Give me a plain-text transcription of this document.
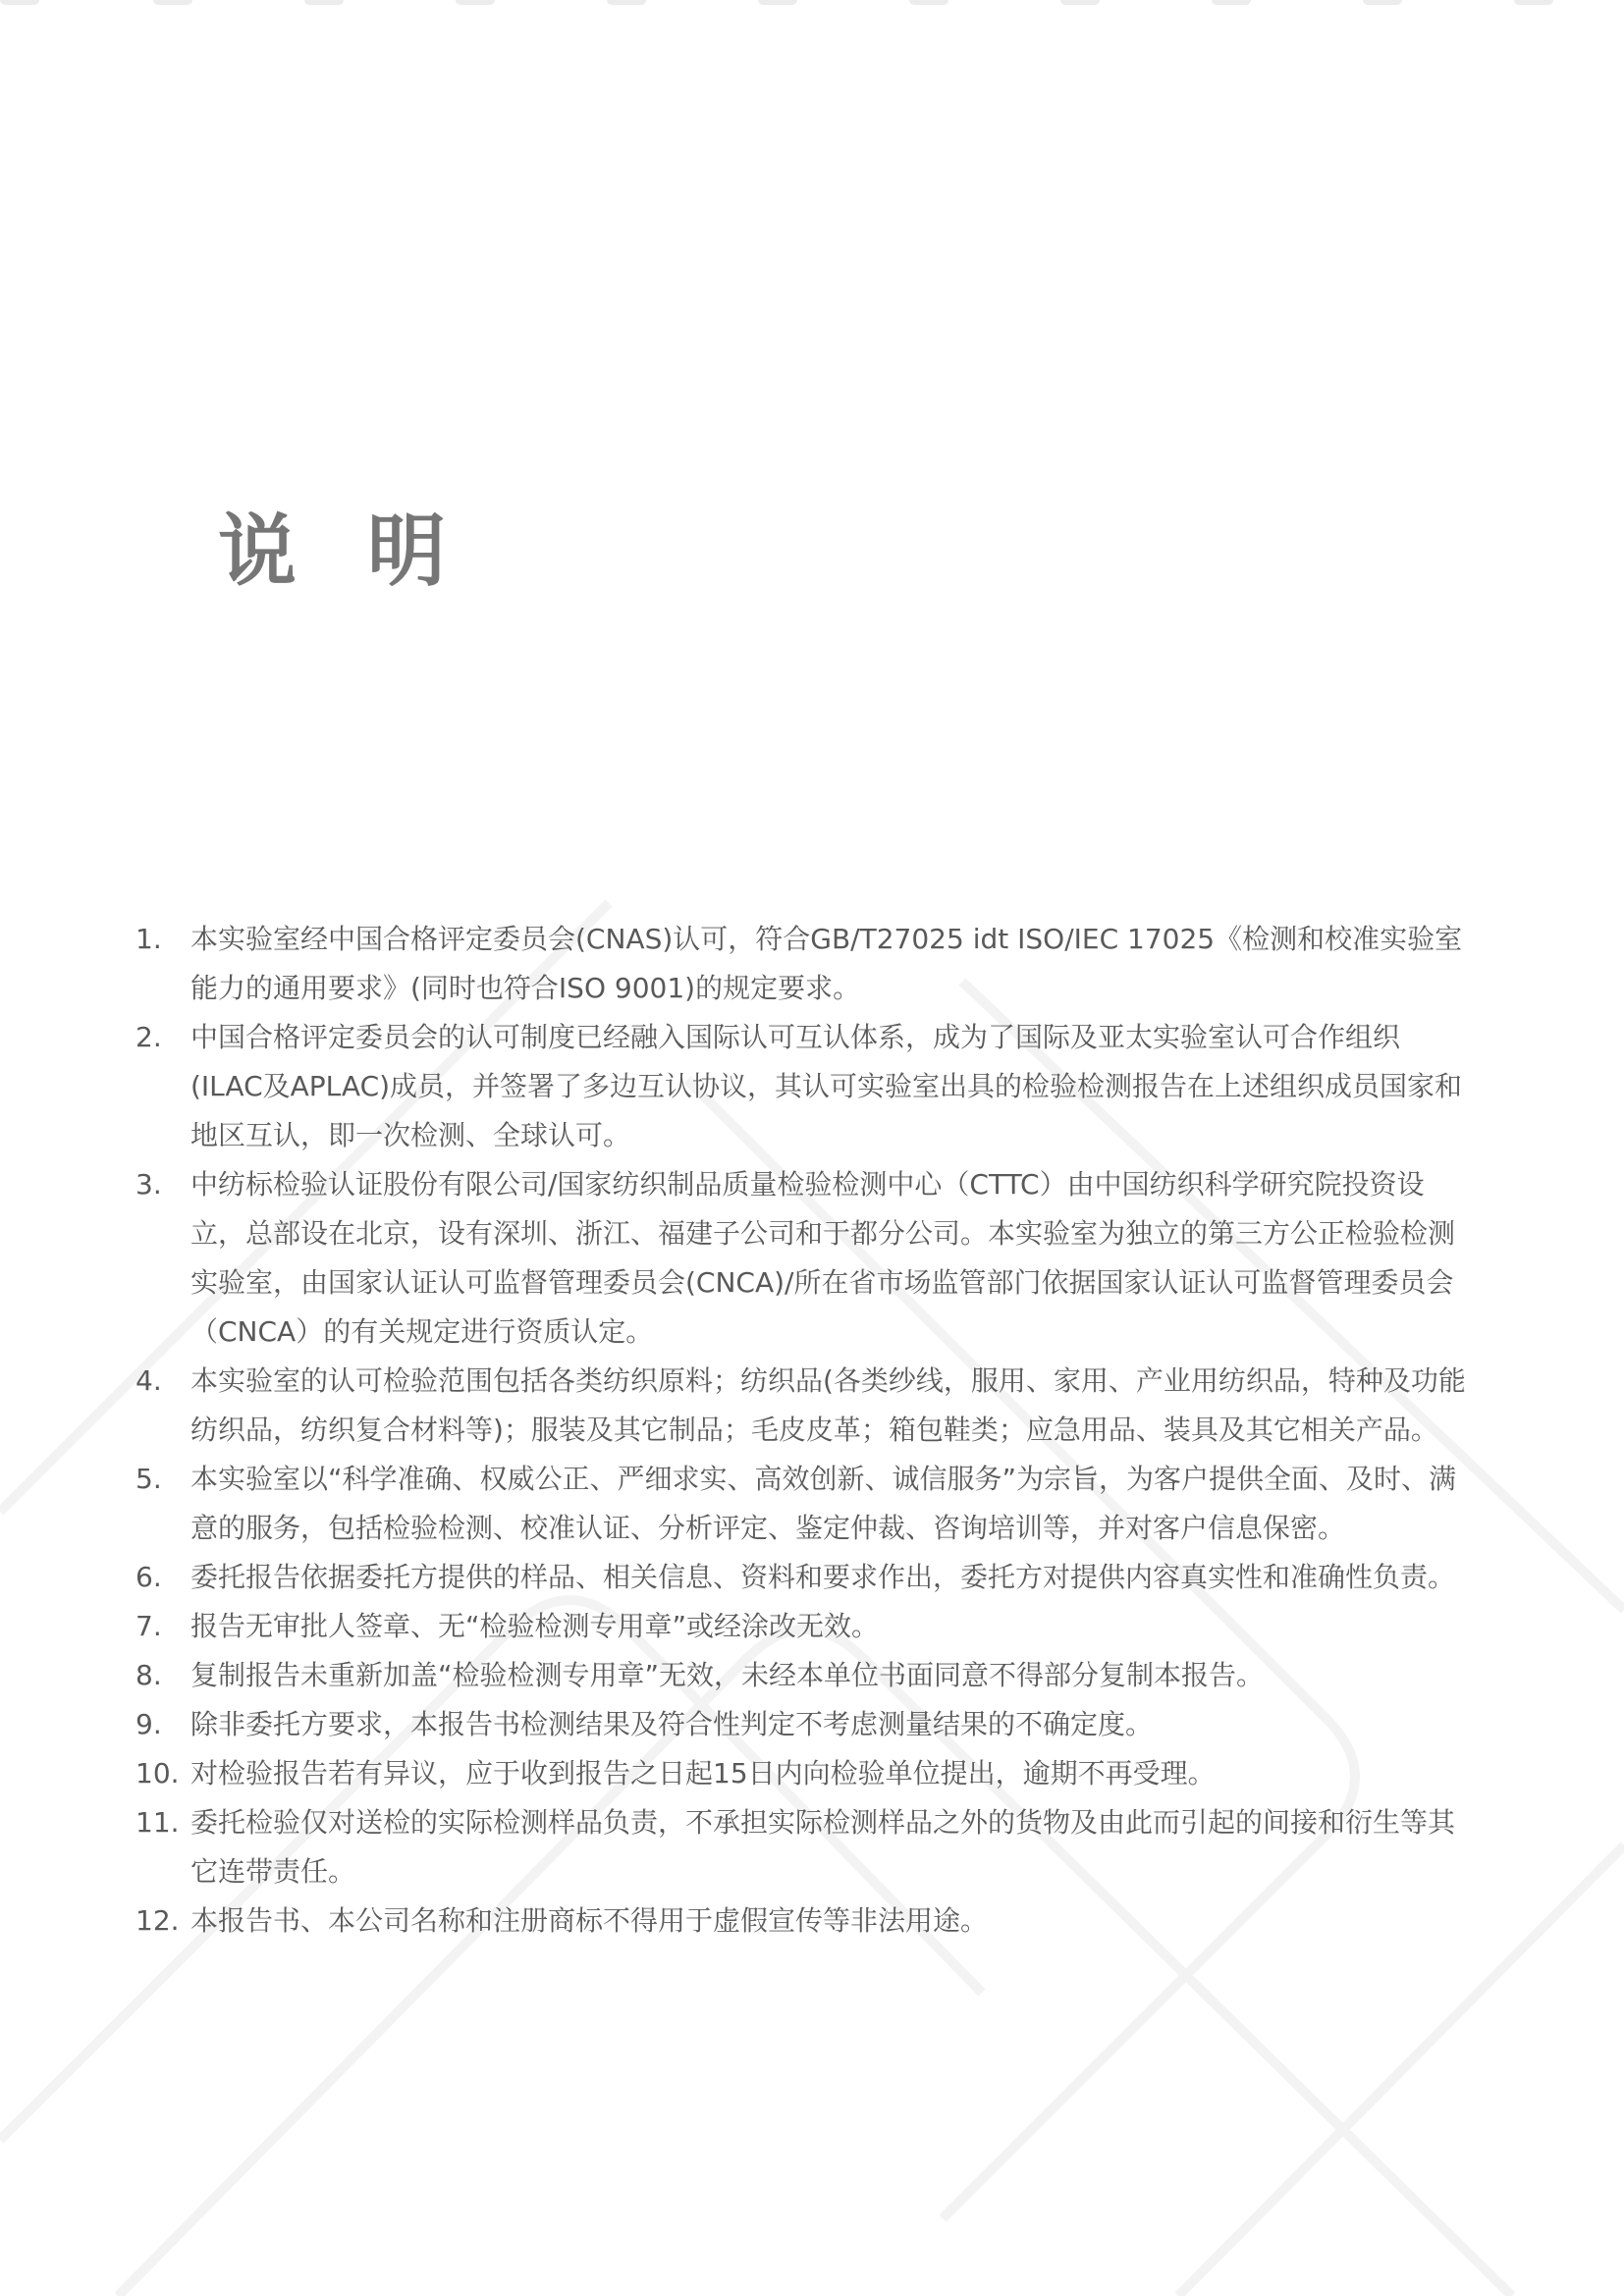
说明
1. 本实验室经中国合格评定委员会(CNAS)认可，符合GB/T27025 idt ISO/IEC 17025《检测和校准实验室能力的通用要求》(同时也符合ISO 9001)的规定要求。
2. 中国合格评定委员会的认可制度已经融入国际认可互认体系，成为了国际及亚太实验室认可合作组织(ILAC及APLAC)成员，并签署了多边互认协议，其认可实验室出具的检验检测报告在上述组织成员国家和地区互认，即一次检测、全球认可。
3. 中纺标检验认证股份有限公司/国家纺织制品质量检验检测中心（CTTC）由中国纺织科学研究院投资设立，总部设在北京，设有深圳、浙江、福建子公司和于都分公司。本实验室为独立的第三方公正检验检测实验室，由国家认证认可监督管理委员会(CNCA)/所在省市场监管部门依据国家认证认可监督管理委员会（CNCA）的有关规定进行资质认定。
4. 本实验室的认可检验范围包括各类纺织原料；纺织品(各类纱线，服用、家用、产业用纺织品，特种及功能纺织品，纺织复合材料等)；服装及其它制品；毛皮皮革；箱包鞋类；应急用品、装具及其它相关产品。
5. 本实验室以“科学准确、权威公正、严细求实、高效创新、诚信服务”为宗旨，为客户提供全面、及时、满意的服务，包括检验检测、校准认证、分析评定、鉴定仲裁、咨询培训等，并对客户信息保密。
6. 委托报告依据委托方提供的样品、相关信息、资料和要求作出，委托方对提供内容真实性和准确性负责。
7. 报告无审批人签章、无“检验检测专用章”或经涂改无效。
8. 复制报告未重新加盖“检验检测专用章”无效，未经本单位书面同意不得部分复制本报告。
9. 除非委托方要求，本报告书检测结果及符合性判定不考虑测量结果的不确定度。
10. 对检验报告若有异议，应于收到报告之日起15日内向检验单位提出，逾期不再受理。
11. 委托检验仅对送检的实际检测样品负责，不承担实际检测样品之外的货物及由此而引起的间接和衍生等其它连带责任。
12. 本报告书、本公司名称和注册商标不得用于虚假宣传等非法用途。
